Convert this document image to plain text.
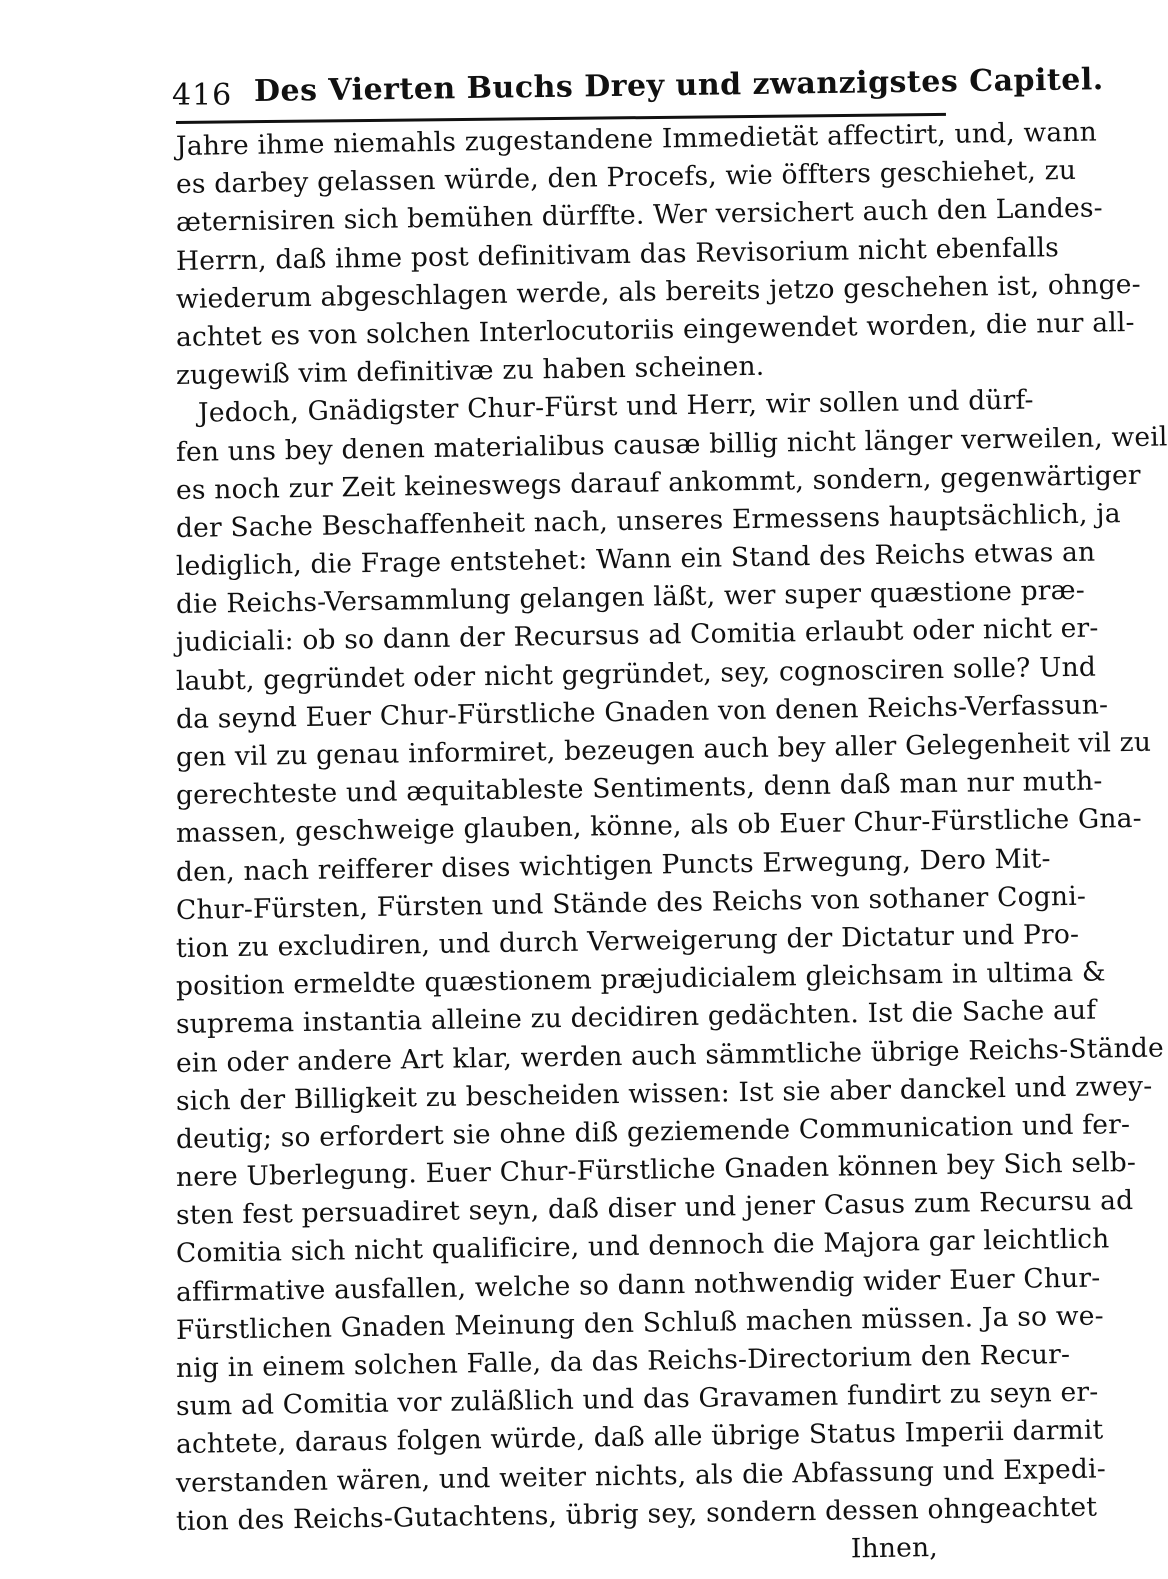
416 Des Vierten Buchs Drey und zwanzigstes Capitel.
Jahre ihme niemahls zugestandene Immedietät affectirt, und, wann
es darbey gelassen würde, den Procefs, wie öffters geschiehet, zu
æternisiren sich bemühen dürffte. Wer versichert auch den Landes-
Herrn, daß ihme post definitivam das Revisorium nicht ebenfalls
wiederum abgeschlagen werde, als bereits jetzo geschehen ist, ohnge-
achtet es von solchen Interlocutoriis eingewendet worden, die nur all-
zugewiß vim definitivæ zu haben scheinen.
Jedoch, Gnädigster Chur-Fürst und Herr, wir sollen und dürf-
fen uns bey denen materialibus causæ billig nicht länger verweilen, weil
es noch zur Zeit keineswegs darauf ankommt, sondern, gegenwärtiger
der Sache Beschaffenheit nach, unseres Ermessens hauptsächlich, ja
lediglich, die Frage entstehet: Wann ein Stand des Reichs etwas an
die Reichs-Versammlung gelangen läßt, wer super quæstione præ-
judiciali: ob so dann der Recursus ad Comitia erlaubt oder nicht er-
laubt, gegründet oder nicht gegründet, sey, cognosciren solle? Und
da seynd Euer Chur-Fürstliche Gnaden von denen Reichs-Verfassun-
gen vil zu genau informiret, bezeugen auch bey aller Gelegenheit vil zu
gerechteste und æquitableste Sentiments, denn daß man nur muth-
massen, geschweige glauben, könne, als ob Euer Chur-Fürstliche Gna-
den, nach reifferer dises wichtigen Puncts Erwegung, Dero Mit-
Chur-Fürsten, Fürsten und Stände des Reichs von sothaner Cogni-
tion zu excludiren, und durch Verweigerung der Dictatur und Pro-
position ermeldte quæstionem præjudicialem gleichsam in ultima &
suprema instantia alleine zu decidiren gedächten. Ist die Sache auf
ein oder andere Art klar, werden auch sämmtliche übrige Reichs-Stände
sich der Billigkeit zu bescheiden wissen: Ist sie aber danckel und zwey-
deutig; so erfordert sie ohne diß geziemende Communication und fer-
nere Uberlegung. Euer Chur-Fürstliche Gnaden können bey Sich selb-
sten fest persuadiret seyn, daß diser und jener Casus zum Recursu ad
Comitia sich nicht qualificire, und dennoch die Majora gar leichtlich
affirmative ausfallen, welche so dann nothwendig wider Euer Chur-
Fürstlichen Gnaden Meinung den Schluß machen müssen. Ja so we-
nig in einem solchen Falle, da das Reichs-Directorium den Recur-
sum ad Comitia vor zuläßlich und das Gravamen fundirt zu seyn er-
achtete, daraus folgen würde, daß alle übrige Status Imperii darmit
verstanden wären, und weiter nichts, als die Abfassung und Expedi-
tion des Reichs-Gutachtens, übrig sey, sondern dessen ohngeachtet
Ihnen,
